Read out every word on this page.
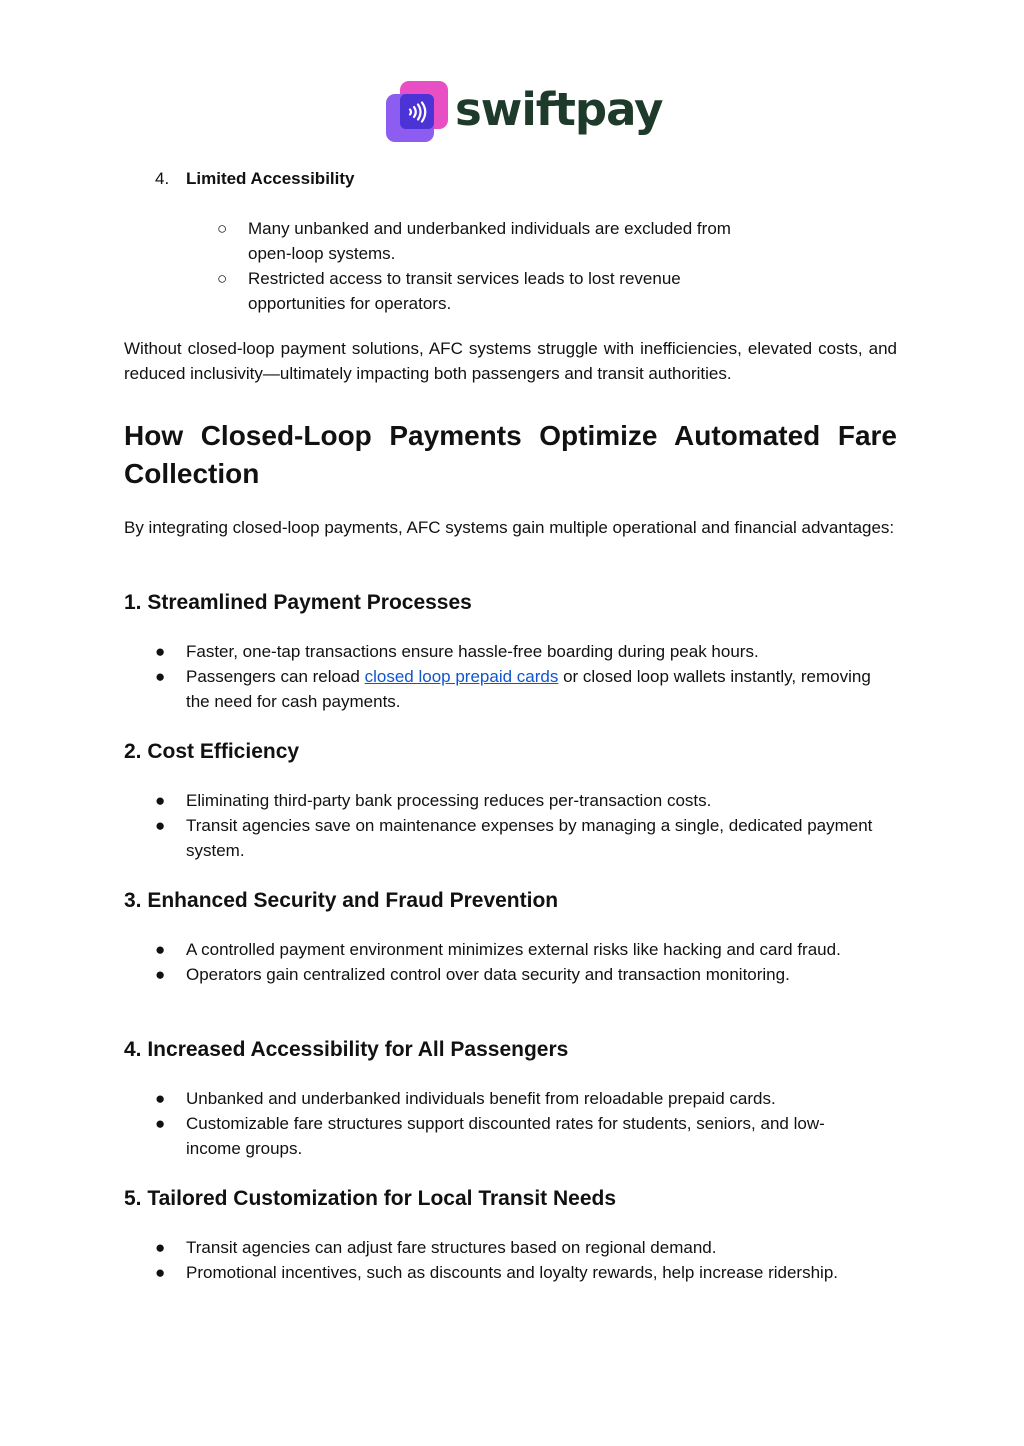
swiftpay
4. Limited Accessibility
○ Many unbanked and underbanked individuals are excluded from open-loop systems.
○ Restricted access to transit services leads to lost revenue opportunities for operators.

Without closed-loop payment solutions, AFC systems struggle with inefficiencies, elevated costs, and reduced inclusivity—ultimately impacting both passengers and transit authorities.

How Closed-Loop Payments Optimize Automated Fare Collection

By integrating closed-loop payments, AFC systems gain multiple operational and financial advantages:

1. Streamlined Payment Processes
● Faster, one-tap transactions ensure hassle-free boarding during peak hours.
● Passengers can reload closed loop prepaid cards or closed loop wallets instantly, removing the need for cash payments.
2. Cost Efficiency
● Eliminating third-party bank processing reduces per-transaction costs.
● Transit agencies save on maintenance expenses by managing a single, dedicated payment system.
3. Enhanced Security and Fraud Prevention
● A controlled payment environment minimizes external risks like hacking and card fraud.
● Operators gain centralized control over data security and transaction monitoring.
4. Increased Accessibility for All Passengers
● Unbanked and underbanked individuals benefit from reloadable prepaid cards.
● Customizable fare structures support discounted rates for students, seniors, and low-income groups.
5. Tailored Customization for Local Transit Needs
● Transit agencies can adjust fare structures based on regional demand.
● Promotional incentives, such as discounts and loyalty rewards, help increase ridership.
